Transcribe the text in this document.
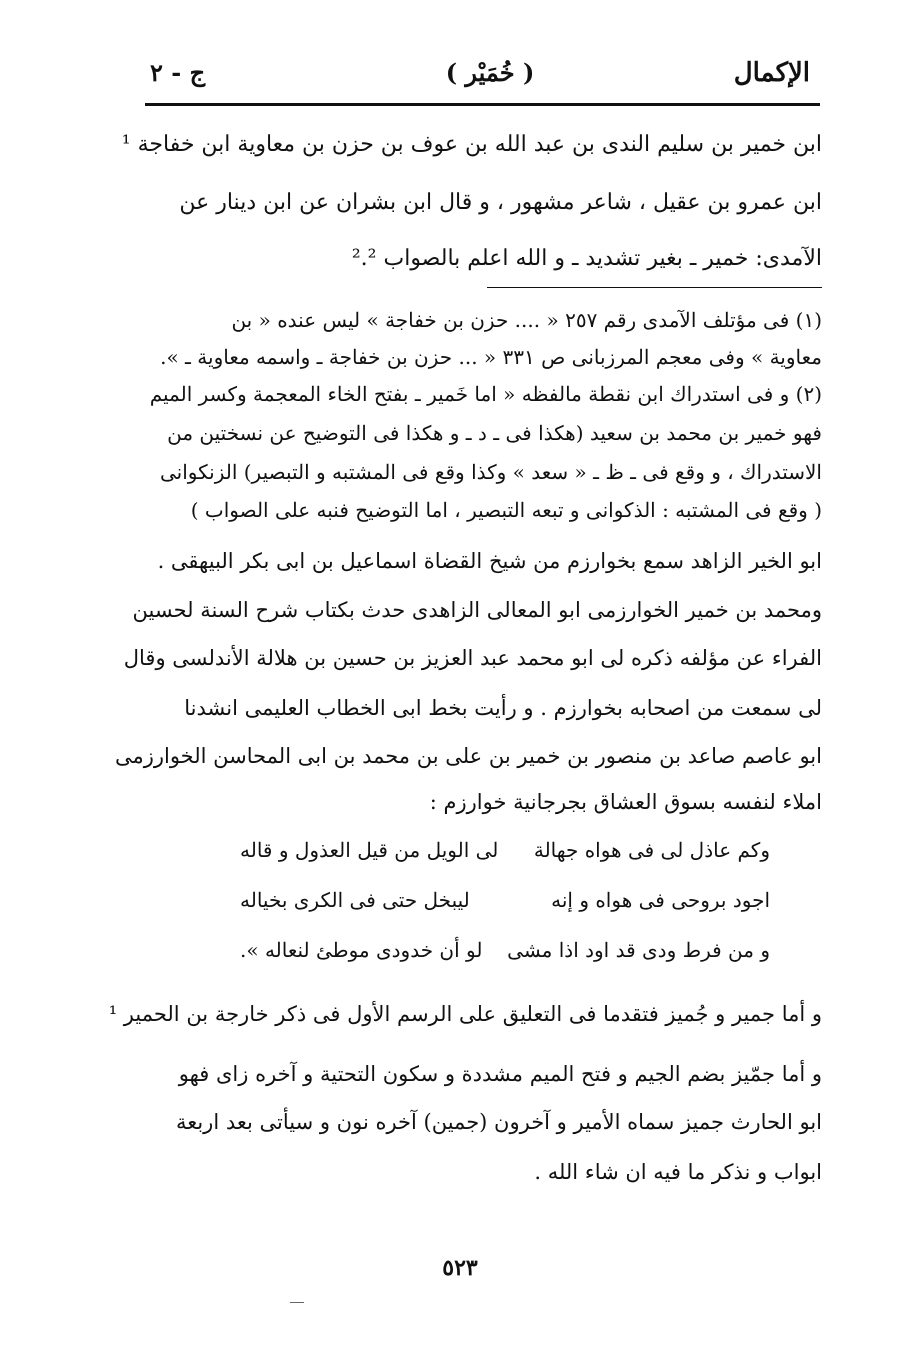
الإكمال
( خُمَيْر )
ج - ٢
ابن خمير بن سليم الندى بن عبد الله بن عوف بن حزن بن معاوية ابن خفاجة ¹
ابن عمرو بن عقيل ، شاعر مشهور ، و قال ابن بشران عن ابن دينار عن
الآمدى: خمير ـ بغير تشديد ـ و الله اعلم بالصواب ².²
(١) فى مؤتلف الآمدى رقم ٢٥٧ « .... حزن بن خفاجة » ليس عنده « بن
معاوية » وفى معجم المرزبانى ص ٣٣١ « ... حزن بن خفاجة ـ واسمه معاوية ـ ».
(٢) و فى استدراك ابن نقطة مالفظه « اما خَمير ـ بفتح الخاء المعجمة وكسر الميم
فهو خمير بن محمد بن سعيد (هكذا فى ـ د ـ و هكذا فى التوضيح عن نسختين من
الاستدراك ، و وقع فى ـ ظ ـ « سعد » وكذا وقع فى المشتبه و التبصير) الزنكوانى
( وقع فى المشتبه : الذكوانى و تبعه التبصير ، اما التوضيح فنبه على الصواب )
ابو الخير الزاهد سمع بخوارزم من شيخ القضاة اسماعيل بن ابى بكر البيهقى .
ومحمد بن خمير الخوارزمى ابو المعالى الزاهدى حدث بكتاب شرح السنة لحسين
الفراء عن مؤلفه ذكره لى ابو محمد عبد العزيز بن حسين بن هلالة الأندلسى وقال
لى سمعت من اصحابه بخوارزم . و رأيت بخط ابى الخطاب العليمى انشدنا
ابو عاصم صاعد بن منصور بن خمير بن على بن محمد بن ابى المحاسن الخوارزمى
املاء لنفسه بسوق العشاق بجرجانية خوارزم :
وكم عاذل لى فى هواه جهالة
لى الويل من قيل العذول و قاله
اجود بروحى فى هواه و إنه
ليبخل حتى فى الكرى بخياله
و من فرط ودى قد اود اذا مشى
لو أن خدودى موطئ لنعاله ».
و أما جمير و جُميز فتقدما فى التعليق على الرسم الأول فى ذكر خارجة بن الحمير ¹
و أما جمّيز بضم الجيم و فتح الميم مشددة و سكون التحتية و آخره زاى فهو
ابو الحارث جميز سماه الأمير و آخرون (جمين) آخره نون و سيأتى بعد اربعة
ابواب و نذكر ما فيه ان شاء الله .
٥٢٣
